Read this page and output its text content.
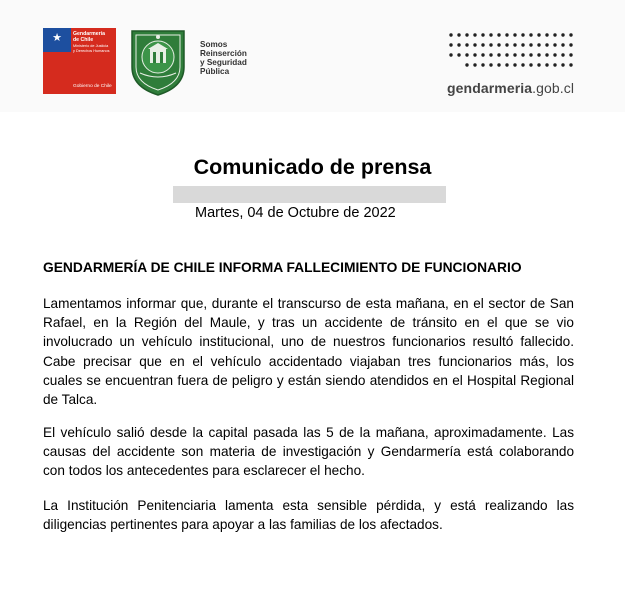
★ Gendarmería
de Chile
Ministerio de Justicia
y Derechos Humanos
Gobierno de Chile
Somos
Reinserción
y Seguridad
Pública
gendarmeria.gob.cl
Comunicado de prensa
Martes, 04 de Octubre de 2022
GENDARMERÍA DE CHILE INFORMA FALLECIMIENTO DE FUNCIONARIO
Lamentamos informar que, durante el transcurso de esta mañana, en el sector de San Rafael, en la Región del Maule, y tras un accidente de tránsito en el que se vio involucrado un vehículo institucional, uno de nuestros funcionarios resultó fallecido. Cabe precisar que en el vehículo accidentado viajaban tres funcionarios más, los cuales se encuentran fuera de peligro y están siendo atendidos en el Hospital Regional de Talca.
El vehículo salió desde la capital pasada las 5 de la mañana, aproximadamente. Las causas del accidente son materia de investigación y Gendarmería está colaborando con todos los antecedentes para esclarecer el hecho.
La Institución Penitenciaria lamenta esta sensible pérdida, y está realizando las diligencias pertinentes para apoyar a las familias de los afectados.
